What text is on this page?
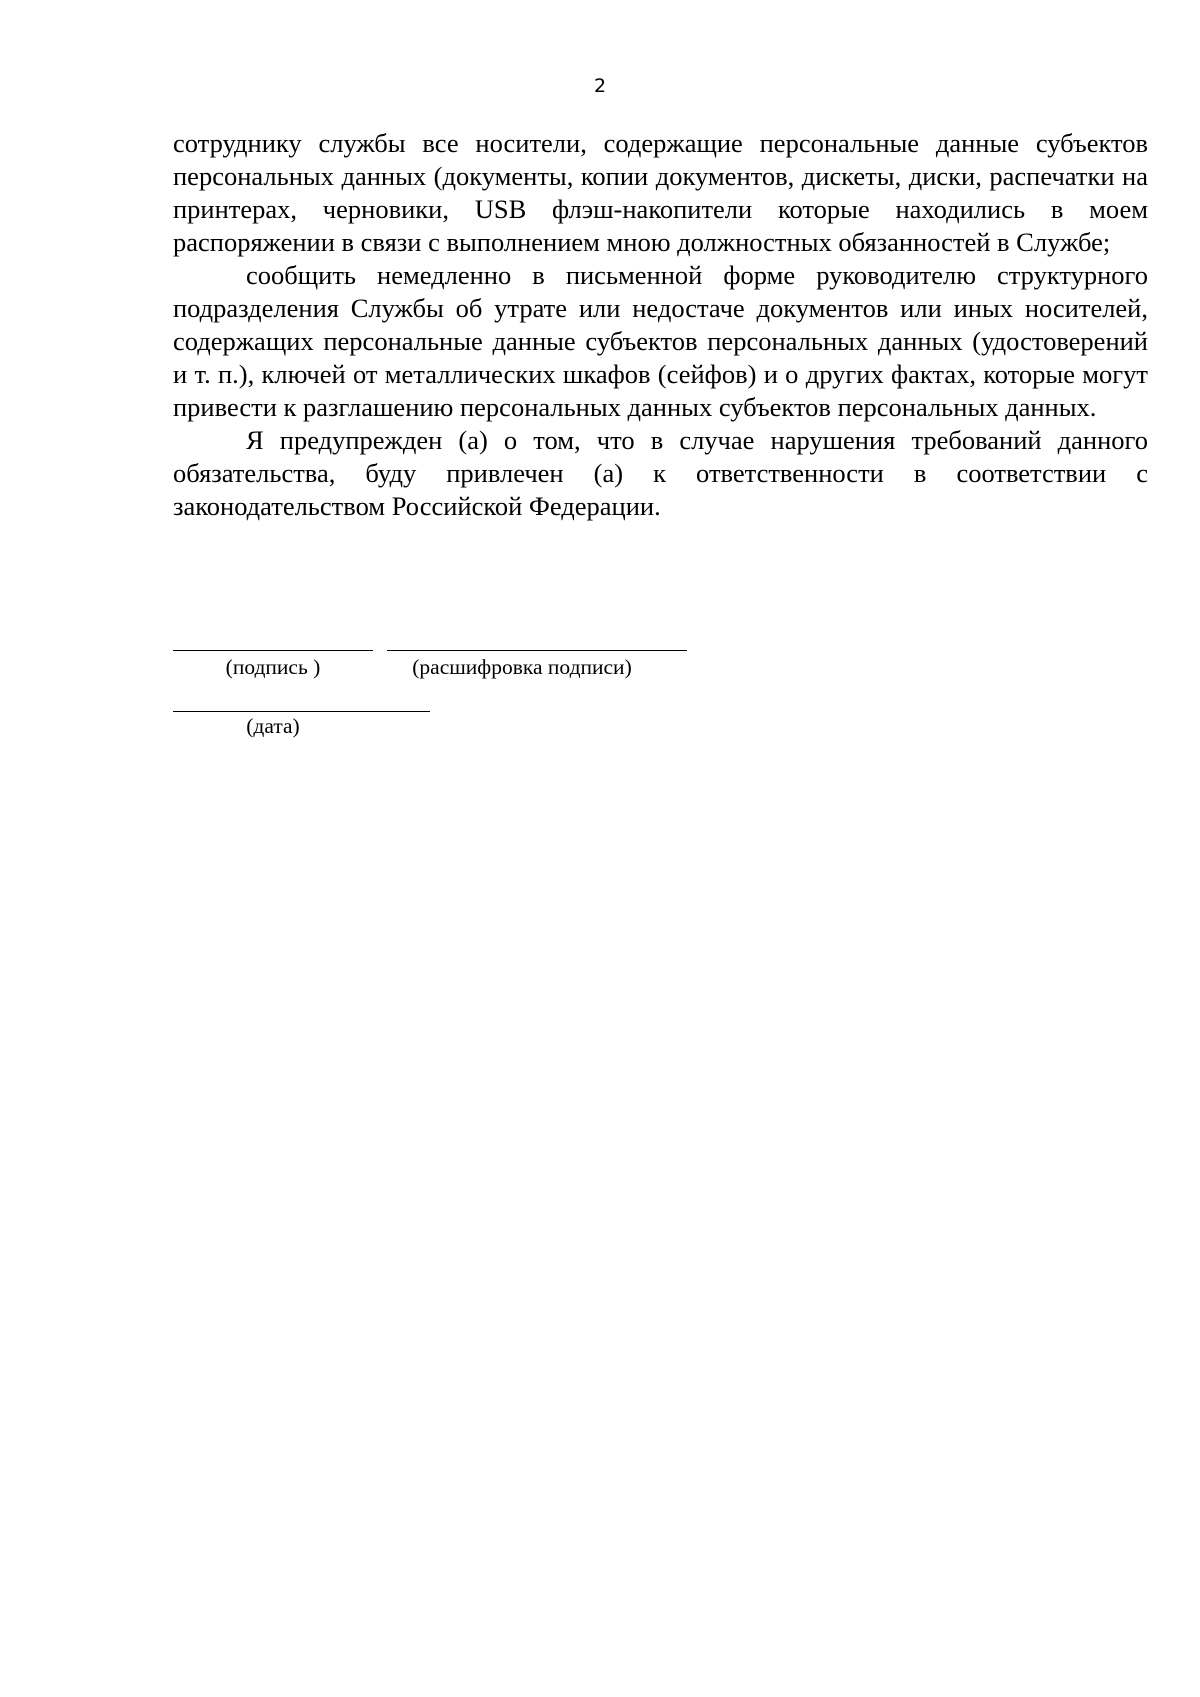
2

сотруднику службы все носители, содержащие персональные данные субъектов персональных данных (документы, копии документов, дискеты, диски, распечатки на принтерах, черновики, USB флэш-накопители которые находились в моем распоряжении в связи с выполнением мною должностных обязанностей в Службе;

сообщить немедленно в письменной форме руководителю структурного подразделения Службы об утрате или недостаче документов или иных носителей, содержащих персональные данные субъектов персональных данных (удостоверений и т. п.), ключей от металлических шкафов (сейфов) и о других фактах, которые могут привести к разглашению персональных данных субъектов персональных данных.

Я предупрежден (а) о том, что в случае нарушения требований данного обязательства, буду привлечен (а) к ответственности в соответствии с законодательством Российской Федерации.

(подпись )	(расшифровка подписи)
(дата)
